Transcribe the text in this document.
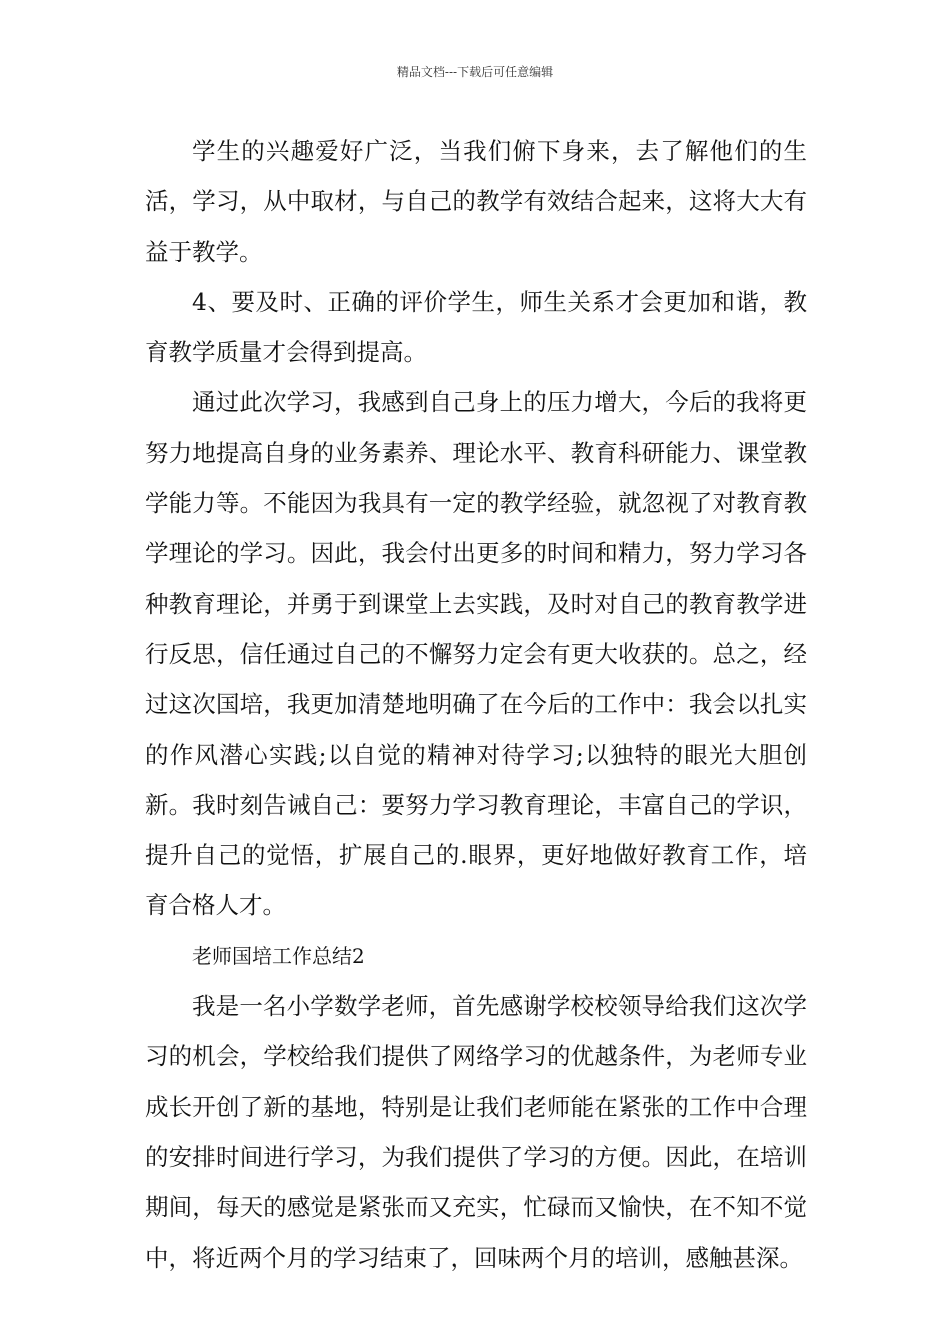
精品文档---下载后可任意编辑

学生的兴趣爱好广泛，当我们俯下身来，去了解他们的生活，学习，从中取材，与自己的教学有效结合起来，这将大大有益于教学。

4、要及时、正确的评价学生，师生关系才会更加和谐，教育教学质量才会得到提高。

通过此次学习，我感到自己身上的压力增大，今后的我将更努力地提高自身的业务素养、理论水平、教育科研能力、课堂教学能力等。不能因为我具有一定的教学经验，就忽视了对教育教学理论的学习。因此，我会付出更多的时间和精力，努力学习各种教育理论，并勇于到课堂上去实践，及时对自己的教育教学进行反思，信任通过自己的不懈努力定会有更大收获的。总之，经过这次国培，我更加清楚地明确了在今后的工作中：我会以扎实的作风潜心实践;以自觉的精神对待学习;以独特的眼光大胆创新。我时刻告诫自己：要努力学习教育理论，丰富自己的学识，提升自己的觉悟，扩展自己的.眼界，更好地做好教育工作，培育合格人才。

老师国培工作总结2

我是一名小学数学老师，首先感谢学校校领导给我们这次学习的机会，学校给我们提供了网络学习的优越条件，为老师专业成长开创了新的基地，特别是让我们老师能在紧张的工作中合理的安排时间进行学习，为我们提供了学习的方便。因此，在培训期间，每天的感觉是紧张而又充实，忙碌而又愉快，在不知不觉中，将近两个月的学习结束了，回味两个月的培训，感触甚深。
